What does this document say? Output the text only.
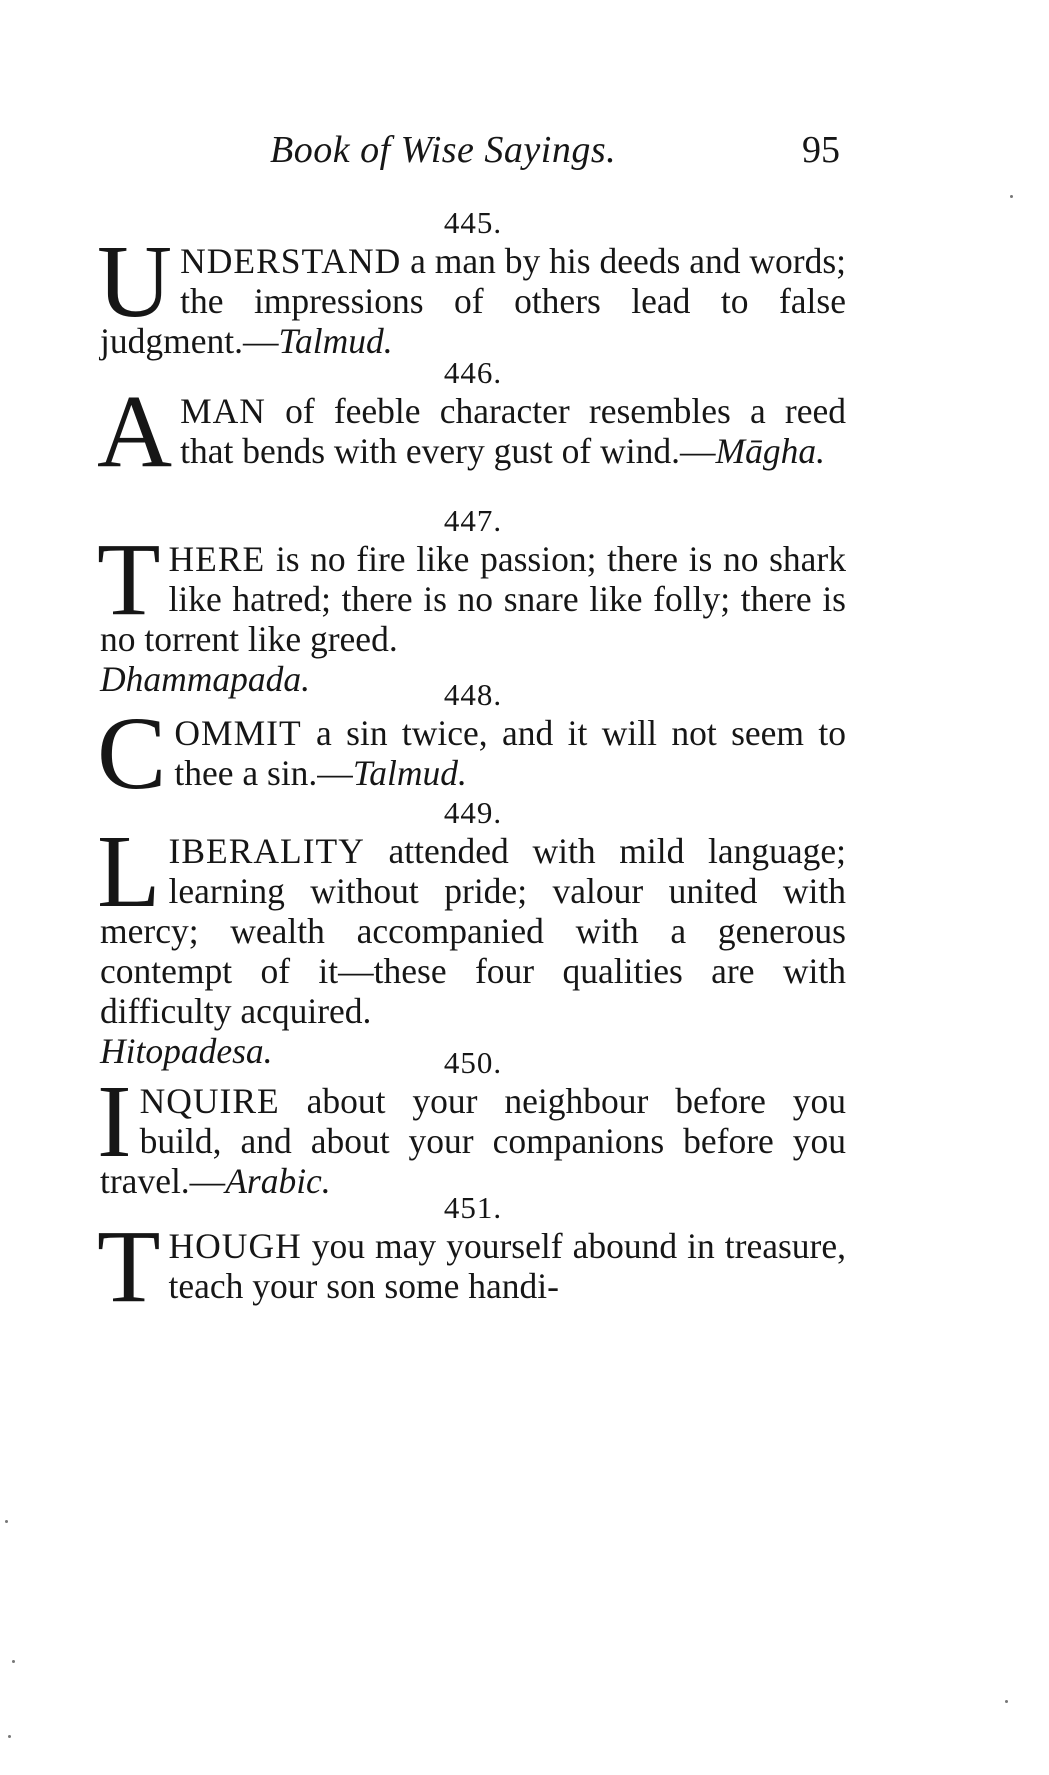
Book of Wise Sayings.	95
445.
UNDERSTAND a man by his deeds and words; the impressions of others lead to false judgment.—Talmud.
446.
AMAN of feeble character resembles a reed that bends with every gust of wind.—Māgha.
447.
THERE is no fire like passion; there is no shark like hatred; there is no snare like folly; there is no torrent like greed.
Dhammapada.	448.
COMMIT a sin twice, and it will not seem to thee a sin.—Talmud.
449.
LIBERALITY attended with mild language; learning without pride; valour united with mercy; wealth accompanied with a generous contempt of it—these four qualities are with difficulty acquired.
Hitopadesa.	450.
INQUIRE about your neighbour before you build, and about your companions before you travel.—Arabic.
451.
THOUGH you may yourself abound in treasure, teach your son some handi-
